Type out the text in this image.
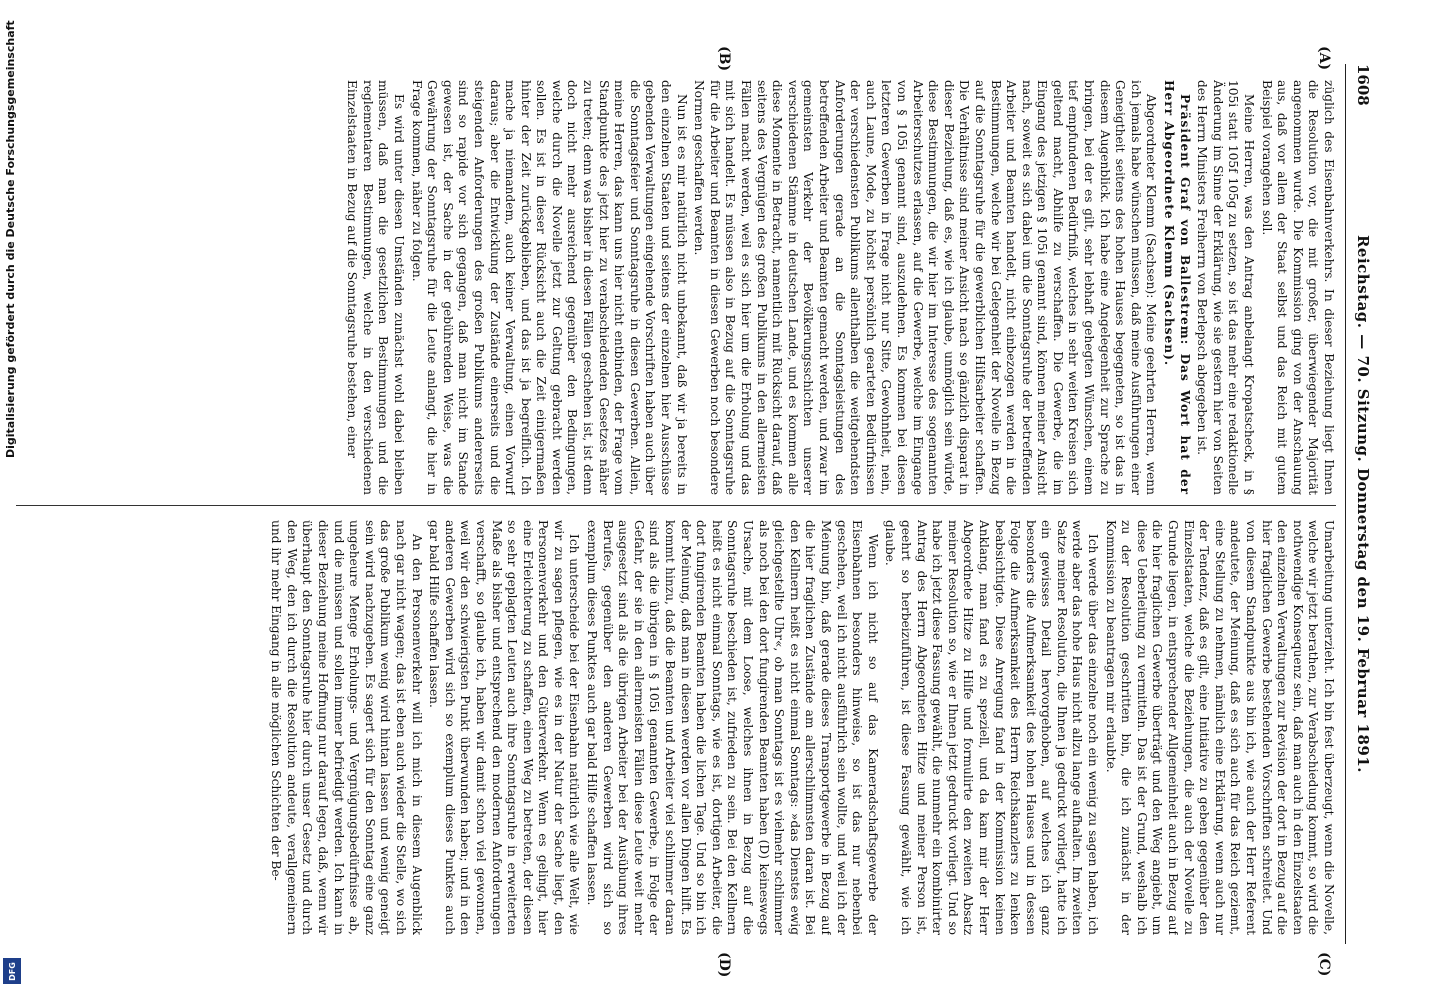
1608
Reichstag. — 70. Sitzung. Donnerstag den 19. Februar 1891.
(A)
(B)
(C)
(D)

züglich des Eisenbahnverkehrs. In dieser Beziehung liegt Ihnen die Resolution vor, die mit großer, überwiegender Majorität angenommen wurde. Die Kommission ging von der Anschauung aus, daß vor allem der Staat selbst und das Reich mit gutem Beispiel vorangehen soll.

Meine Herren, was den Antrag anbelangt Kropatscheck, in § 105i statt 105f 105g zu setzen, so ist das mehr eine redaktionelle Änderung im Sinne der Erklärung, wie sie gestern hier von Seiten des Herrn Ministers Freiherrn von Berlepsch abgegeben ist.

Präsident Graf von Ballestrem: Das Wort hat der Herr Abgeordnete Klemm (Sachsen).

Abgeordneter Klemm (Sachsen): Meine geehrten Herren, wenn ich jemals habe wünschen müssen, daß meine Ausführungen einer Geneigtheit seitens des hohen Hauses begegneten, so ist das in diesem Augenblick. Ich habe eine Angelegenheit zur Sprache zu bringen, bei der es gilt, sehr lebhaft gehegten Wünschen, einem tief empfundenen Bedürfniß, welches in sehr weiten Kreisen sich geltend macht, Abhilfe zu verschaffen. Die Gewerbe, die im Eingang des jetzigen § 105i genannt sind, können meiner Ansicht nach, soweit es sich dabei um die Sonntagsruhe der betreffenden Arbeiter und Beamten handelt, nicht einbezogen werden in die Bestimmungen, welche wir bei Gelegenheit der Novelle in Bezug auf die Sonntagsruhe für die gewerblichen Hilfsarbeiter schaffen. Die Verhältnisse sind meiner Ansicht nach so gänzlich disparat in dieser Beziehung, daß es, wie ich glaube, unmöglich sein würde, diese Bestimmungen, die wir hier im Interesse des sogenannten Arbeiterschutzes erlassen, auf die Gewerbe, welche im Eingange von § 105i genannt sind, auszudehnen. Es kommen bei diesen letzteren Gewerben in Frage nicht nur Sitte, Gewohnheit, nein, auch Laune, Mode, zu höchst persönlich gearteten Bedürfnissen der verschiedensten Publikums allenthalben die weitgehendsten Anforderungen gerade an die Sonntagsleistungen des betreffenden Arbeiter und Beamten gemacht werden, und zwar im gemeinsten Verkehr der Bevölkerungsschichten unserer verschiedenen Stämme in deutschen Lande, und es kommen alle diese Momente in Betracht, namentlich mit Rücksicht darauf, daß seitens des Vergnügen des großen Publikums in den allermeisten Fällen macht werden, weil es sich hier um die Erholung und das mit sich handelt. Es müssen also in Bezug auf die Sonntagsruhe für die Arbeiter und Beamten in diesen Gewerben noch besondere Normen geschaffen werden.

Nun ist es mir natürlich nicht unbekannt, daß wir ja bereits in den einzelnen Staaten und seitens der einzelnen hier Ausschüsse gebenden Verwaltungen eingehende Vorschriften haben auch über die Sonntagsfeier und Sonntagsruhe in diesen Gewerben. Allein, meine Herren, das kann uns hier nicht entbinden, der Frage vom Standpunkte des jetzt hier zu verabschiedenden Gesetzes näher zu treten; denn was bisher in diesen Fällen geschehen ist, ist denn doch nicht mehr ausreichend gegenüber den Bedingungen, welche durch die Novelle jetzt zur Geltung gebracht werden sollen. Es ist in dieser Rücksicht auch die Zeit einigermaßen hinter der Zeit zurückgeblieben, und das ist ja begreiflich. Ich mache ja niemandem, auch keiner Verwaltung, einen Vorwurf daraus; aber die Entwicklung der Zustände einerseits und die steigenden Anforderungen des großen Publikums andererseits sind so rapide vor sich gegangen, daß man nicht im Stande gewesen ist, der Sache in der gebührenden Weise, was die Gewährung der Sonntagsruhe für die Leute anlangt, die hier in Frage kommen, näher zu folgen.

Es wird unter diesen Umständen zunächst wohl dabei bleiben müssen, daß man die gesetzlichen Bestimmungen und die reglementaren Bestimmungen, welche in den verschiedenen Einzelstaaten in Bezug auf die Sonntagsruhe bestehen, einer

Umarbeitung unterzieht. Ich bin fest überzeugt, wenn die Novelle, welche wir jetzt berathen, zur Verabschiedung kommt, so wird die nothwendige Konsequenz sein, daß man auch in den Einzelstaaten den einzelnen Verwaltungen zur Revision der dort in Bezug auf die hier fraglichen Gewerbe bestehenden Vorschriften schreitet. Und von diesem Standpunkte aus bin ich, wie auch der Herr Referent andeutete, der Meinung, daß es sich auch für das Reich geziemt, eine Stellung zu nehmen, nämlich eine Erklärung, wenn auch nur der Tendenz, daß es gilt, eine Initiative zu geben gegenüber den Einzelstaaten, welche die Beziehungen, die auch der Novelle zu Grunde liegen, in entsprechender Allgemeinheit auch in Bezug auf die hier fraglichen Gewerbe überträgt und den Weg angiebt, um diese Ueberleitung zu vermitteln. Das ist der Grund, weshalb ich zu der Resolution geschritten bin, die ich zunächst in der Kommission zu beantragen mir erlaubte.

Ich werde über das einzelne noch ein wenig zu sagen haben, ich werde aber das hohe Haus nicht allzu lange aufhalten. Im zweiten Satze meiner Resolution, die Ihnen ja gedruckt vorliegt, hatte ich ein gewisses Detail hervorgehoben, auf welches ich ganz besonders die Aufmerksamkeit des hohen Hauses und in dessen Folge die Aufmerksamkeit des Herrn Reichskanzlers zu lenken beabsichtigte. Diese Anregung fand in der Kommission keinen Anklang, man fand es zu speziell, und da kam mir der Herr Abgeordnete Hitze zu Hilfe und formulirte den zweiten Absatz meiner Resolution so, wie er Ihnen jetzt gedruckt vorliegt. Und so habe ich jetzt diese Fassung gewählt, die nunmehr ein kombinirter Antrag des Herrn Abgeordneten Hitze und meiner Person ist, geehrt so herbeizuführen, ist diese Fassung gewählt, wie ich glaube.

Wenn ich nicht so auf das Kameradschaftsgewerbe der Eisenbahnen besonders hinweise, so ist das nur nebenbei geschehen, weil ich nicht ausführlich sein wollte, und weil ich der Meinung bin, daß gerade dieses Transportgewerbe in Bezug auf die hier fraglichen Zustände am allerschlimmsten daran ist. Bei den Kellnern heißt es nicht einmal Sonntags: »das Dienstes ewig gleichgestellte Uhr«, ob man Sonntags ist es vielmehr schlimmer als noch bei den dort fungirenden Beamten haben (D) keineswegs Ursache, mit dem Loose, welches ihnen in Bezug auf die Sonntagsruhe beschieden ist, zufrieden zu sein. Bei den Kellnern heißt es nicht einmal Sonntags, wie es ist, dortigen Arbeiter, die dort fungirenden Beamten haben die lichen Tage. Und so bin ich der Meinung, daß man in diesen werden vor allen Dingen hilft. Es kommt hinzu, daß die Beamten und Arbeiter viel schlimmer daran sind als die übrigen in § 105i genannten Gewerbe, in Folge der Gefahr, der sie in den allermeisten Fällen diese Leute weit mehr ausgesetzt sind als die übrigen Arbeiter bei der Ausübung ihres Berufes, gegenüber den anderen Gewerben wird sich so exemplum dieses Punktes auch gar bald Hilfe schaffen lassen.

Ich unterscheide bei der Eisenbahn natürlich wie alle Welt, wie wir zu sagen pflegen, wie es in der Natur der Sache liegt, den Personenverkehr und den Güterverkehr. Wenn es gelingt, hier eine Erleichterung zu schaffen, einen Weg zu betreten, der diesen so sehr geplagten Leuten auch ihre Sonntagsruhe in erweiterten Maße als bisher und entsprechend den modernen Anforderungen verschafft, so glaube ich, haben wir damit schon viel gewonnen, weil wir den schwierigsten Punkt überwunden haben; und in den anderen Gewerben wird sich so exemplum dieses Punktes auch gar bald Hilfe schaffen lassen.

An den Personenverkehr will ich mich in diesem Augenblick nach gar nicht wagen; das ist eben auch wieder die Stelle, wo sich das große Publikum wenig wird hintan lassen und wenig geneigt sein wird nachzugeben. Es sagert sich für den Sonntag eine ganz ungeheure Menge Erholungs- und Vergnügungsbedürfnisse ab, und die müssen und sollen immer befriedigt werden. Ich kann in dieser Beziehung meine Hoffnung nur darauf legen, daß, wenn wir überhaupt den Sonntagsruhe hier durch unser Gesetz und durch den Weg, den ich durch die Resolution andeute, verallgemeinern und ihr mehr Eingang in alle möglichen Schichten der Be-

Digitalisierung gefördert durch die Deutsche Forschungsgemeinschaft
DFG
